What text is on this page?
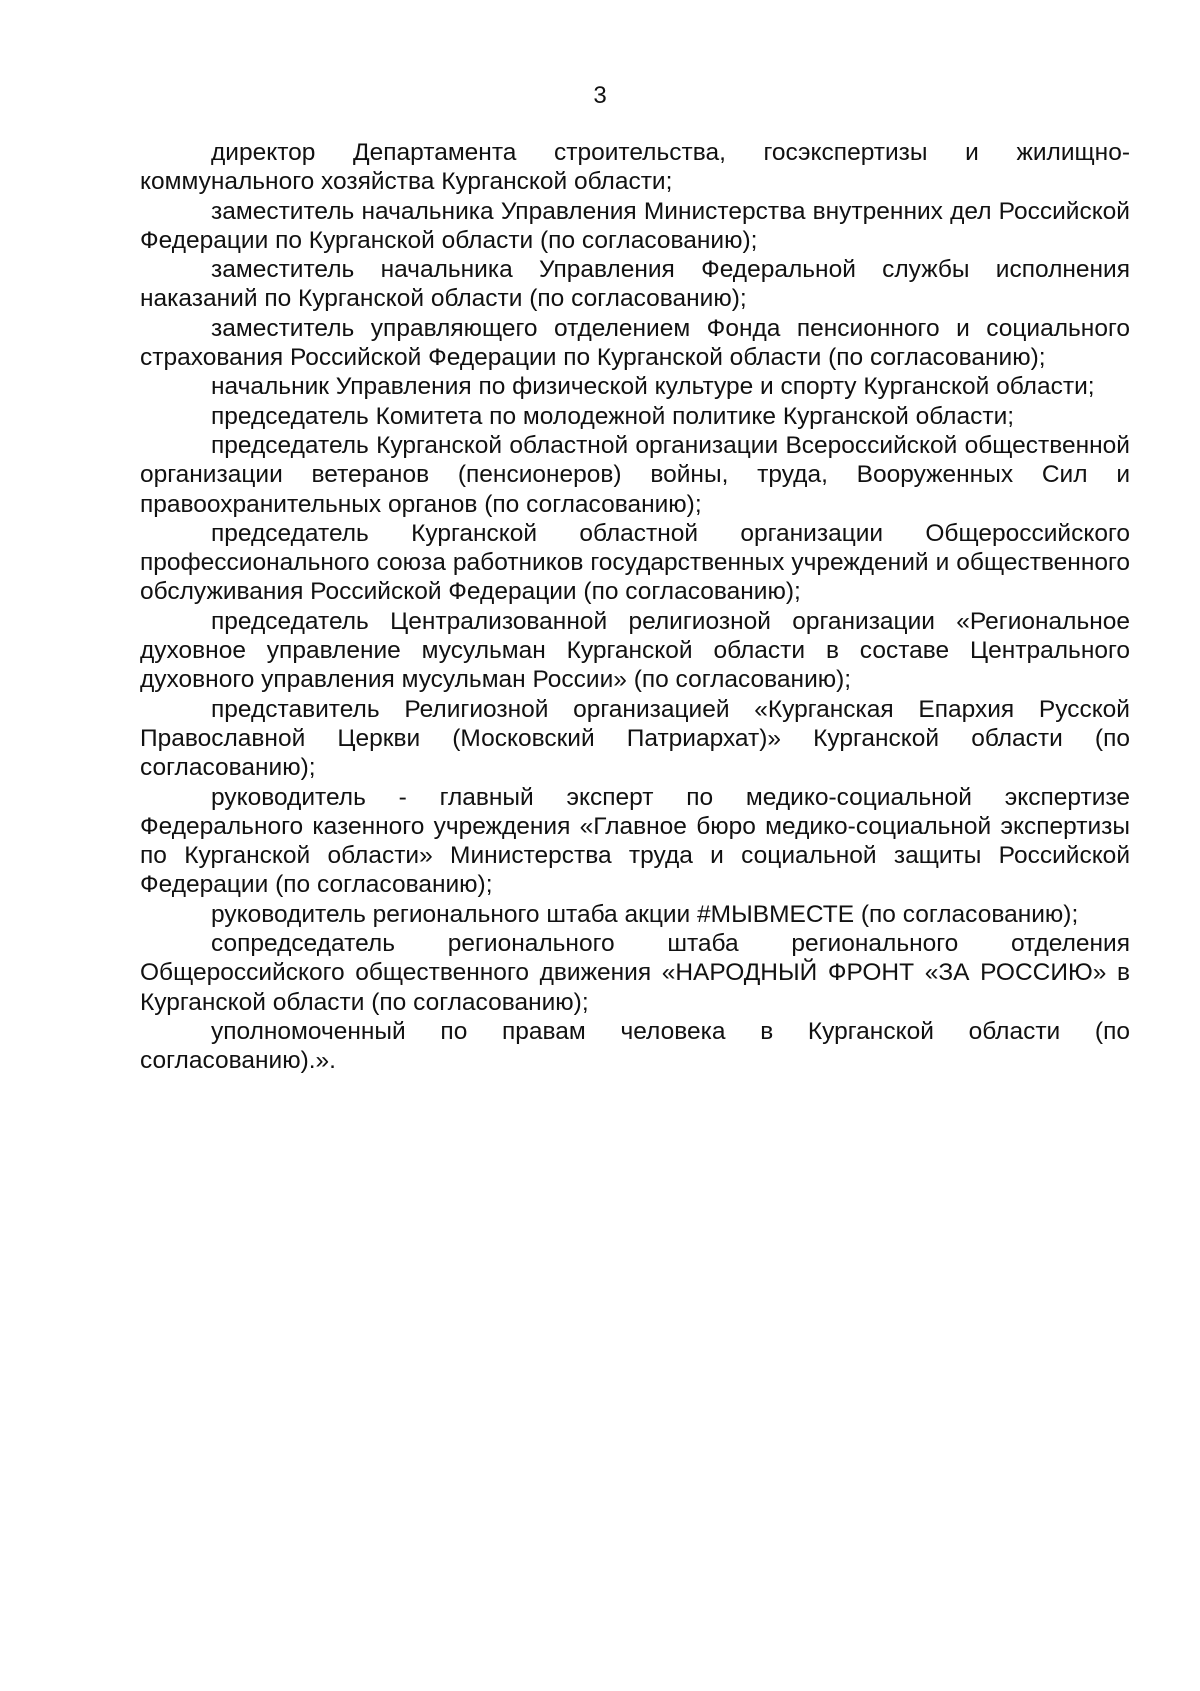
3

директор Департамента строительства, госэкспертизы и жилищно-коммунального хозяйства Курганской области;

заместитель начальника Управления Министерства внутренних дел Российской Федерации по Курганской области (по согласованию);

заместитель начальника Управления Федеральной службы исполнения наказаний по Курганской области (по согласованию);

заместитель управляющего отделением Фонда пенсионного и социального страхования Российской Федерации по Курганской области (по согласованию);

начальник Управления по физической культуре и спорту Курганской области;

председатель Комитета по молодежной политике Курганской области;

председатель Курганской областной организации Всероссийской общественной организации ветеранов (пенсионеров) войны, труда, Вооруженных Сил и правоохранительных органов (по согласованию);

председатель Курганской областной организации Общероссийского профессионального союза работников государственных учреждений и общественного обслуживания Российской Федерации (по согласованию);

председатель Централизованной религиозной организации «Региональное духовное управление мусульман Курганской области в составе Центрального духовного управления мусульман России» (по согласованию);

представитель Религиозной организацией «Курганская Епархия Русской Православной Церкви (Московский Патриархат)» Курганской области (по согласованию);

руководитель - главный эксперт по медико-социальной экспертизе Федерального казенного учреждения «Главное бюро медико-социальной экспертизы по Курганской области» Министерства труда и социальной защиты Российской Федерации (по согласованию);

руководитель регионального штаба акции #МЫВМЕСТЕ (по согласованию);

сопредседатель регионального штаба регионального отделения Общероссийского общественного движения «НАРОДНЫЙ ФРОНТ «ЗА РОССИЮ» в Курганской области (по согласованию);

уполномоченный по правам человека в Курганской области (по согласованию).».
